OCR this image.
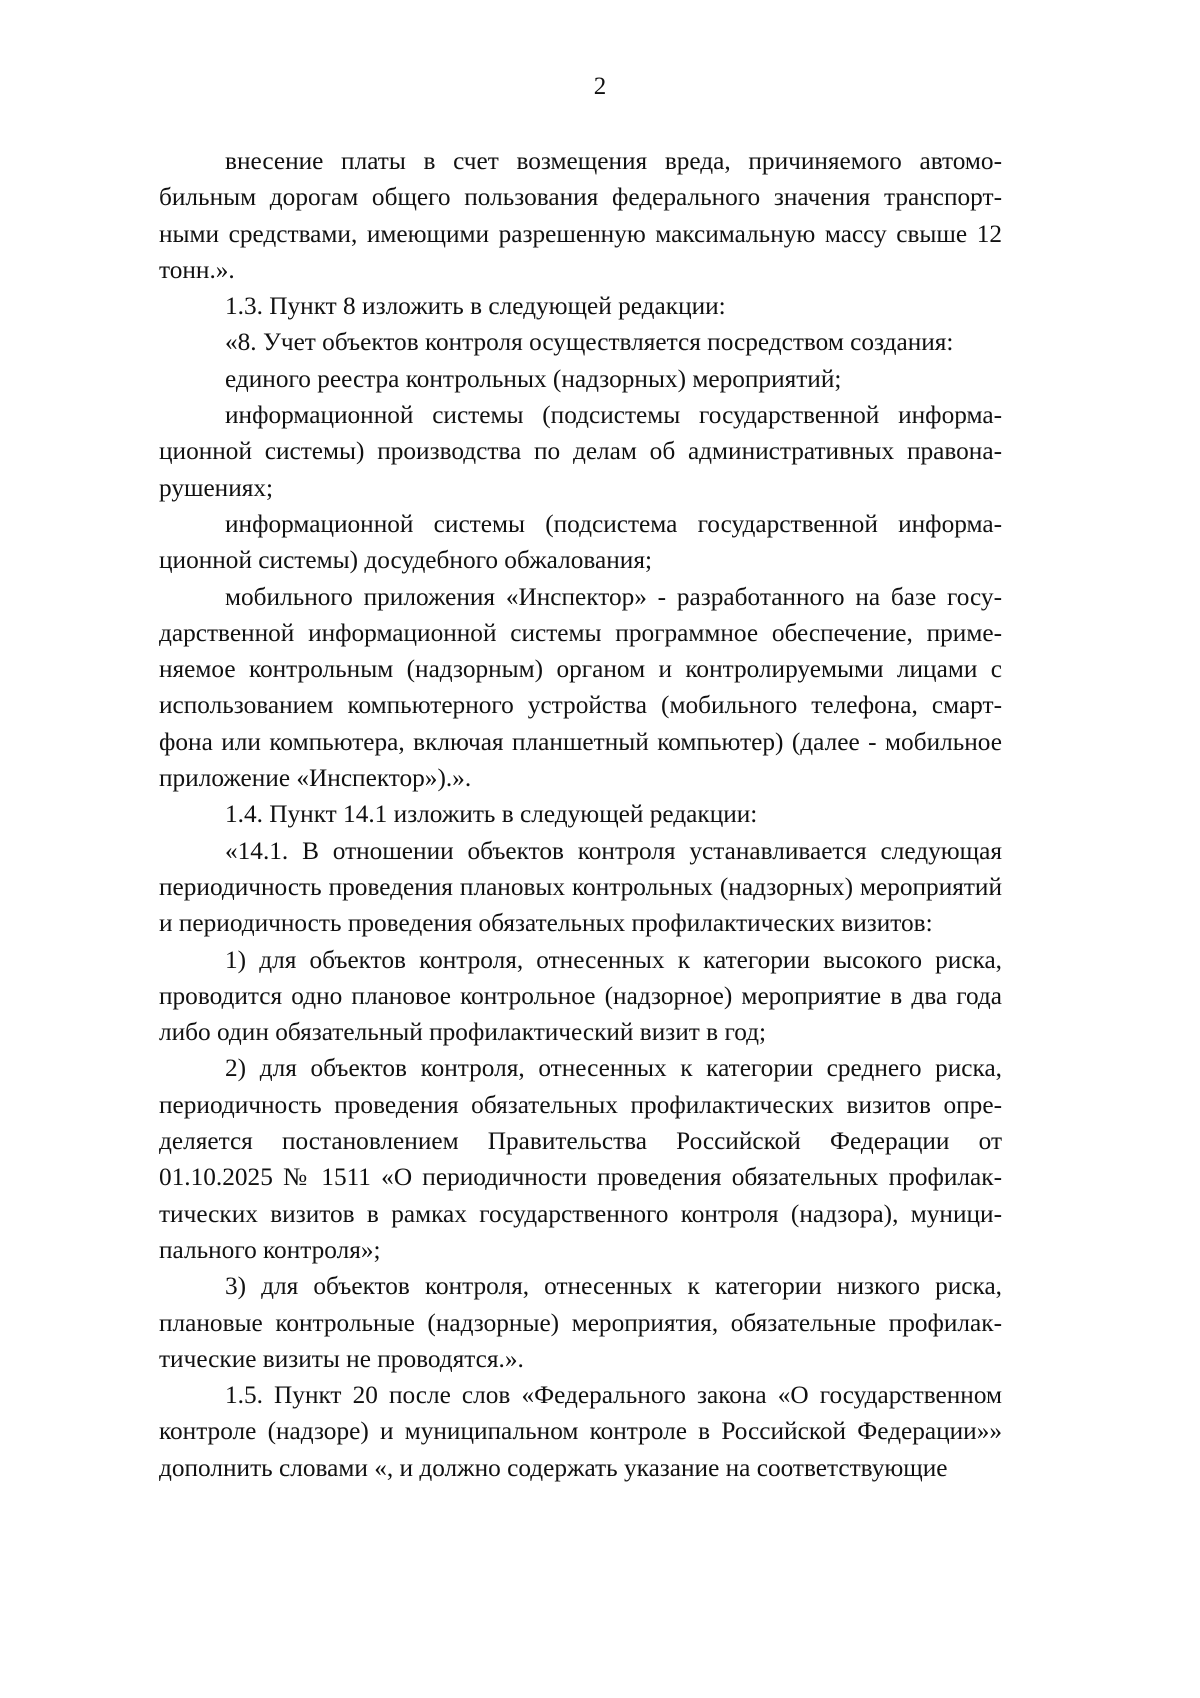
2

внесение платы в счет возмещения вреда, причиняемого автомобильным дорогам общего пользования федерального значения транспортными средствами, имеющими разрешенную максимальную массу свыше 12 тонн.».

1.3. Пункт 8 изложить в следующей редакции:

«8. Учет объектов контроля осуществляется посредством создания:

единого реестра контрольных (надзорных) мероприятий;

информационной системы (подсистемы государственной информационной системы) производства по делам об административных правонарушениях;

информационной системы (подсистема государственной информационной системы) досудебного обжалования;

мобильного приложения «Инспектор» - разработанного на базе государственной информационной системы программное обеспечение, применяемое контрольным (надзорным) органом и контролируемыми лицами с использованием компьютерного устройства (мобильного телефона, смартфона или компьютера, включая планшетный компьютер) (далее - мобильное приложение «Инспектор»).».

1.4. Пункт 14.1 изложить в следующей редакции:

«14.1. В отношении объектов контроля устанавливается следующая периодичность проведения плановых контрольных (надзорных) мероприятий и периодичность проведения обязательных профилактических визитов:

1) для объектов контроля, отнесенных к категории высокого риска, проводится одно плановое контрольное (надзорное) мероприятие в два года либо один обязательный профилактический визит в год;

2) для объектов контроля, отнесенных к категории среднего риска, периодичность проведения обязательных профилактических визитов определяется постановлением Правительства Российской Федерации от 01.10.2025 № 1511 «О периодичности проведения обязательных профилактических визитов в рамках государственного контроля (надзора), муниципального контроля»;

3) для объектов контроля, отнесенных к категории низкого риска, плановые контрольные (надзорные) мероприятия, обязательные профилактические визиты не проводятся.».

1.5. Пункт 20 после слов «Федерального закона «О государственном контроле (надзоре) и муниципальном контроле в Российской Федерации»» дополнить словами «, и должно содержать указание на соответствующие
